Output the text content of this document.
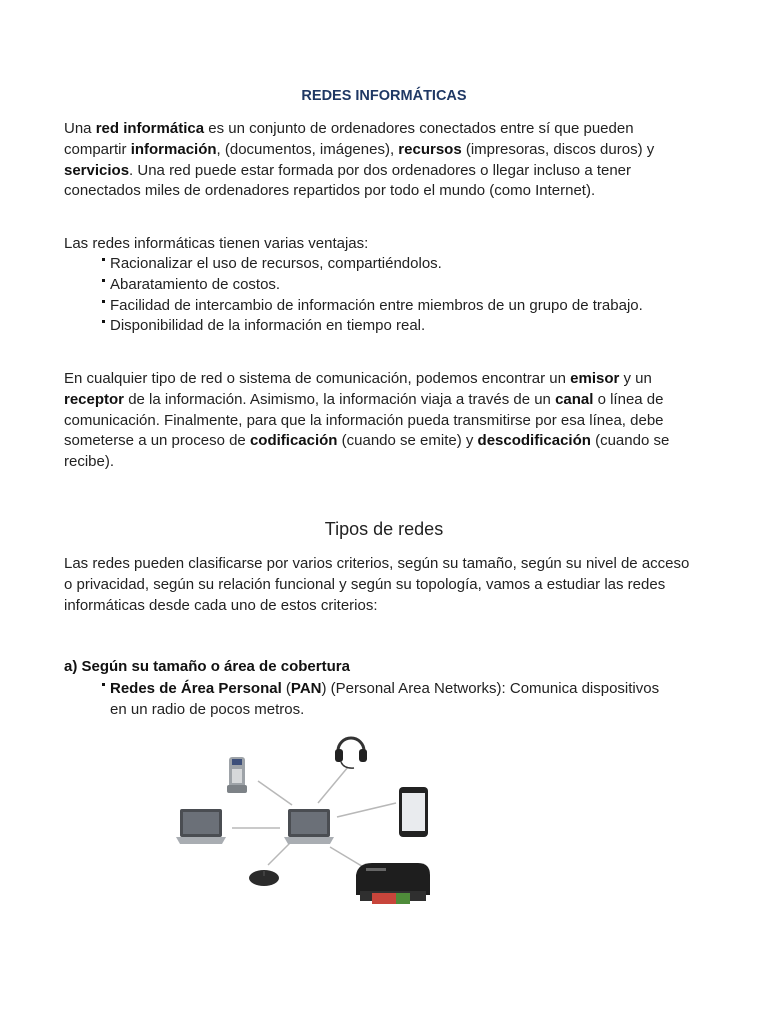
REDES INFORMÁTICAS
Una red informática es un conjunto de ordenadores conectados entre sí que pueden compartir información, (documentos, imágenes), recursos (impresoras, discos duros) y servicios. Una red puede estar formada por dos ordenadores o llegar incluso a tener conectados miles de ordenadores repartidos por todo el mundo (como Internet).
Las redes informáticas tienen varias ventajas:
Racionalizar el uso de recursos, compartiéndolos.
Abaratamiento de costos.
Facilidad de intercambio de información entre miembros de un grupo de trabajo.
Disponibilidad de la información en tiempo real.
En cualquier tipo de red o sistema de comunicación, podemos encontrar un emisor y un receptor de la información. Asimismo, la información viaja a través de un canal o línea de comunicación. Finalmente, para que la información pueda transmitirse por esa línea, debe someterse a un proceso de codificación (cuando se emite) y descodificación (cuando se recibe).
Tipos de redes
Las redes pueden clasificarse por varios criterios, según su tamaño, según su nivel de acceso o privacidad, según su relación funcional y según su topología, vamos a estudiar las redes informáticas desde cada uno de estos criterios:
a) Según su tamaño o área de cobertura
Redes de Área Personal (PAN) (Personal Area Networks): Comunica dispositivos en un radio de pocos metros.
